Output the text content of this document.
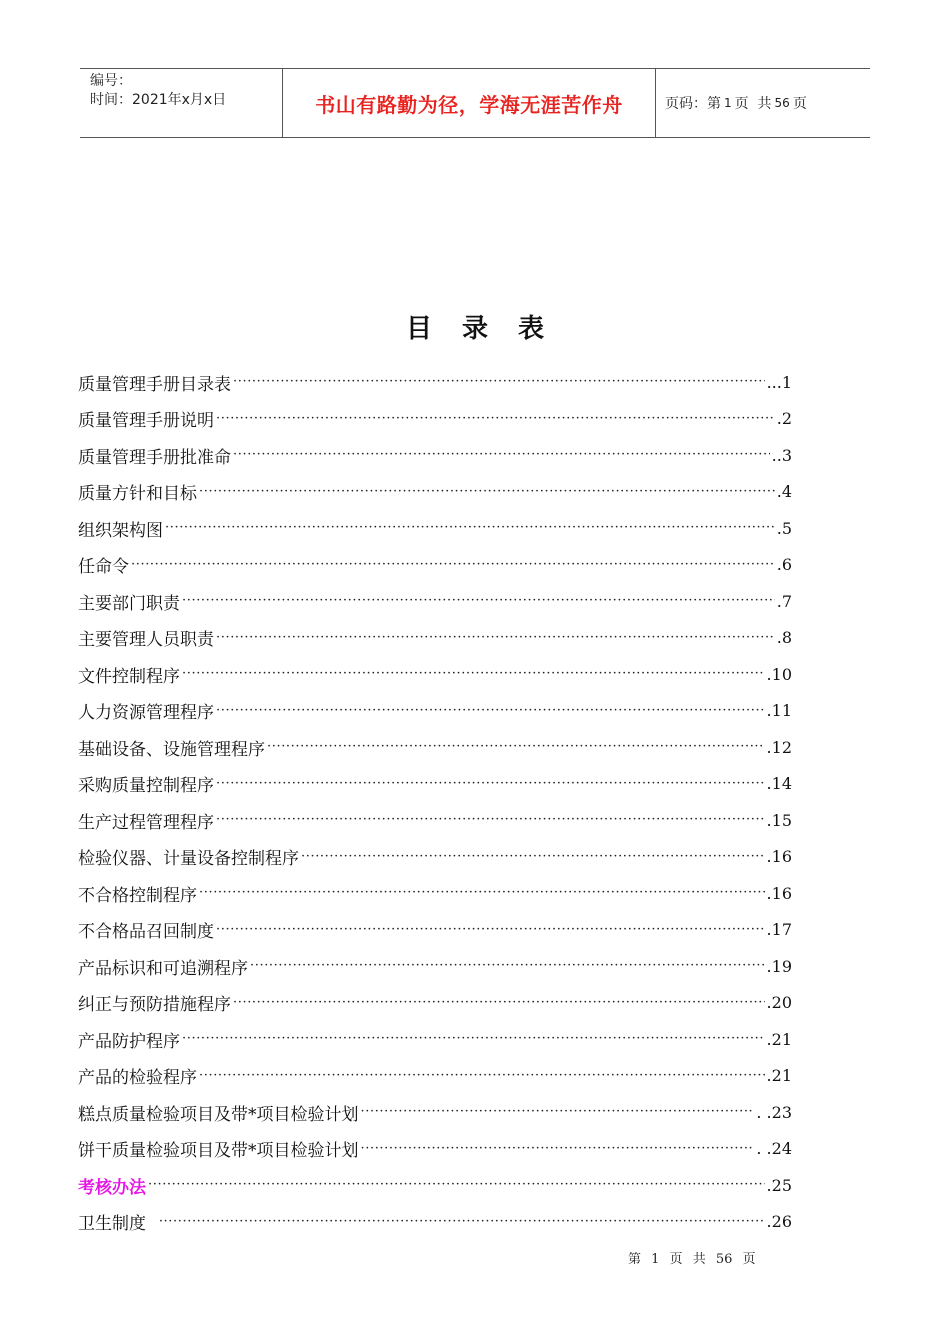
编号：
时间：2021年x月x日	书山有路勤为径，学海无涯苦作舟	页码：第 1 页  共 56 页
目录表
质量管理手册目录表 ·····	...1
质量管理手册说明 ·····	.2
质量管理手册批准命 ·····	..3
质量方针和目标 ·····	.4
组织架构图 ·····	.5
任命令 ·····	.6
主要部门职责 ·····	.7
主要管理人员职责 ·····	.8
文件控制程序 ·····	.10
人力资源管理程序 ·····	.11
基础设备、设施管理程序 ·····	.12
采购质量控制程序 ·····	.14
生产过程管理程序 ·····	.15
检验仪器、计量设备控制程序 ·····	.16
不合格控制程序 ·····	.16
不合格品召回制度 ·····	.17
产品标识和可追溯程序 ·····	.19
纠正与预防措施程序 ·····	.20
产品防护程序 ·····	.21
产品的检验程序 ·····	.21
糕点质量检验项目及带*项目检验计划 ·····	. .23
饼干质量检验项目及带*项目检验计划 ·····	. .24
考核办法 ·····	.25
卫生制度 ·····	.26
第 1 页 共 56 页
